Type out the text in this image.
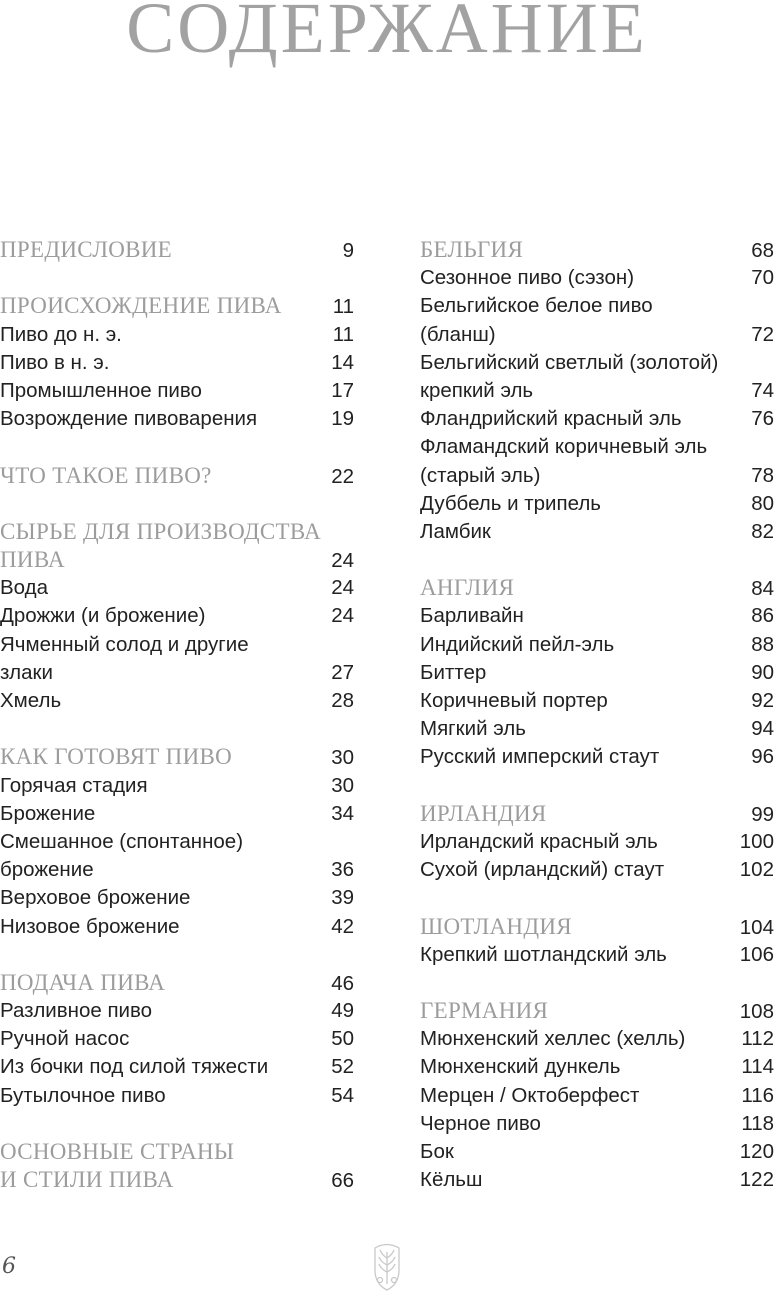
СОДЕРЖАНИЕ
ПРЕДИСЛОВИЕ	9
ПРОИСХОЖДЕНИЕ ПИВА 11
Пиво до н. э.	11
Пиво в н. э.	14
Промышленное пиво	17
Возрождение пивоварения	19
ЧТО ТАКОЕ ПИВО?	22
СЫРЬЕ ДЛЯ ПРОИЗВОДСТВА
ПИВА	24
Вода	24
Дрожжи (и брожение)	24
Ячменный солод и другие
злаки	27
Хмель	28
КАК ГОТОВЯТ ПИВО	30
Горячая стадия	30
Брожение	34
Смешанное (спонтанное)
брожение	36
Верховое брожение	39
Низовое брожение	42
ПОДАЧА ПИВА	46
Разливное пиво	49
Ручной насос	50
Из бочки под силой тяжести	52
Бутылочное пиво	54
ОСНОВНЫЕ СТРАНЫ
И СТИЛИ ПИВА	66
БЕЛЬГИЯ	68
Сезонное пиво (сэзон)	70
Бельгийское белое пиво
(бланш)	72
Бельгийский светлый (золотой)
крепкий эль	74
Фландрийский красный эль	76
Фламандский коричневый эль
(старый эль)	78
Дуббель и трипель	80
Ламбик	82
АНГЛИЯ	84
Барливайн	86
Индийский пейл-эль	88
Биттер	90
Коричневый портер	92
Мягкий эль	94
Русский имперский стаут	96
ИРЛАНДИЯ	99
Ирландский красный эль	100
Сухой (ирландский) стаут	102
ШОТЛАНДИЯ	104
Крепкий шотландский эль	106
ГЕРМАНИЯ	108
Мюнхенский хеллес (хелль)	112
Мюнхенский дункель	114
Мерцен / Октоберфест	116
Черное пиво	118
Бок	120
Кёльш	122
6
